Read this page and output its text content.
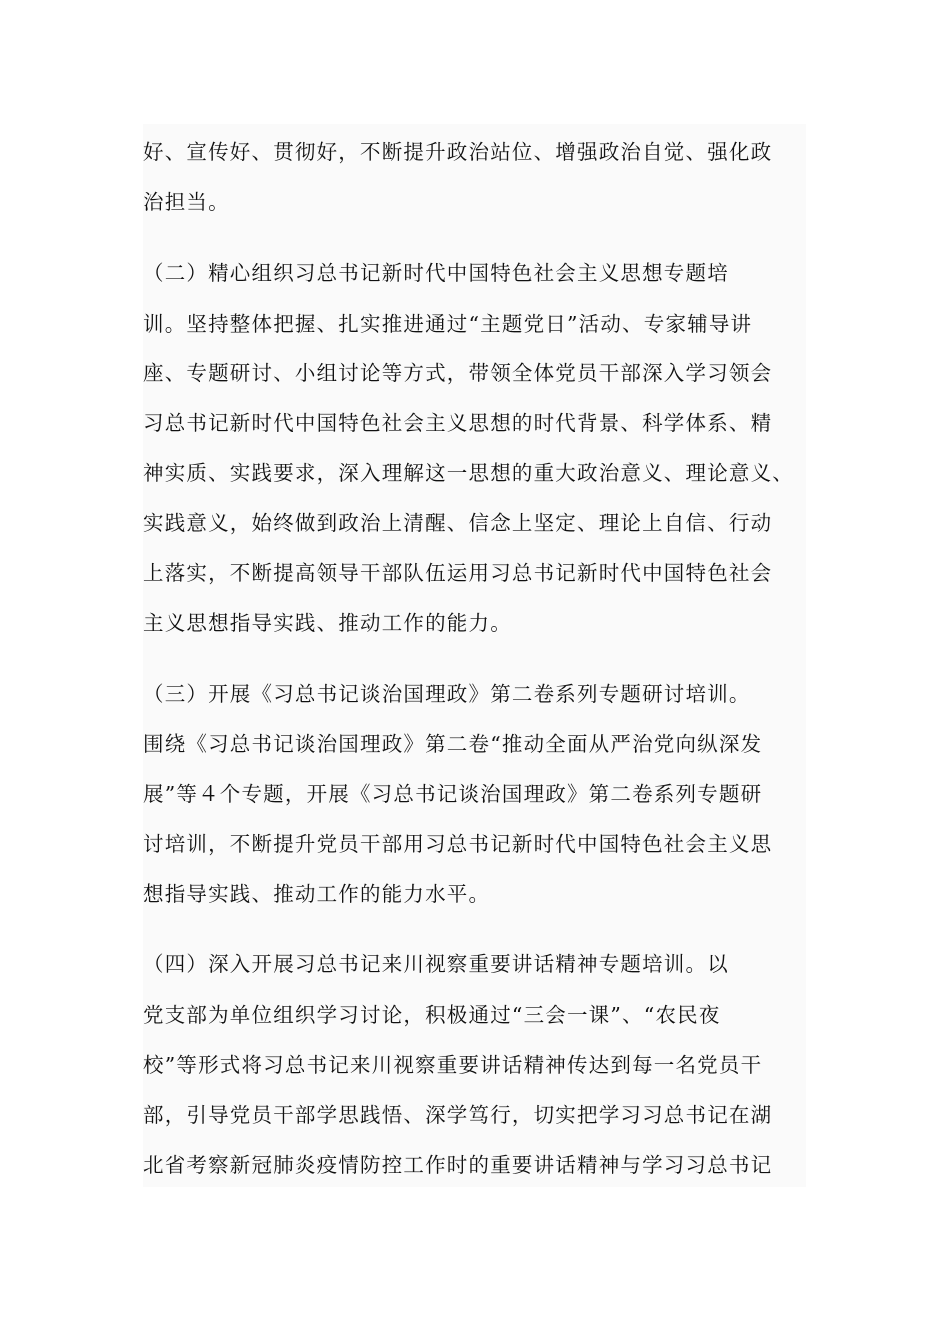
好、宣传好、贯彻好，不断提升政治站位、增强政治自觉、强化政
治担当。
（二）精心组织习总书记新时代中国特色社会主义思想专题培
训。坚持整体把握、扎实推进通过“主题党日”活动、专家辅导讲
座、专题研讨、小组讨论等方式，带领全体党员干部深入学习领会
习总书记新时代中国特色社会主义思想的时代背景、科学体系、精
神实质、实践要求，深入理解这一思想的重大政治意义、理论意义、
实践意义，始终做到政治上清醒、信念上坚定、理论上自信、行动
上落实，不断提高领导干部队伍运用习总书记新时代中国特色社会
主义思想指导实践、推动工作的能力。
（三）开展《习总书记谈治国理政》第二卷系列专题研讨培训。
围绕《习总书记谈治国理政》第二卷“推动全面从严治党向纵深发
展”等４个专题，开展《习总书记谈治国理政》第二卷系列专题研
讨培训，不断提升党员干部用习总书记新时代中国特色社会主义思
想指导实践、推动工作的能力水平。
（四）深入开展习总书记来川视察重要讲话精神专题培训。以
党支部为单位组织学习讨论，积极通过“三会一课”、“农民夜
校”等形式将习总书记来川视察重要讲话精神传达到每一名党员干
部，引导党员干部学思践悟、深学笃行，切实把学习习总书记在湖
北省考察新冠肺炎疫情防控工作时的重要讲话精神与学习习总书记
